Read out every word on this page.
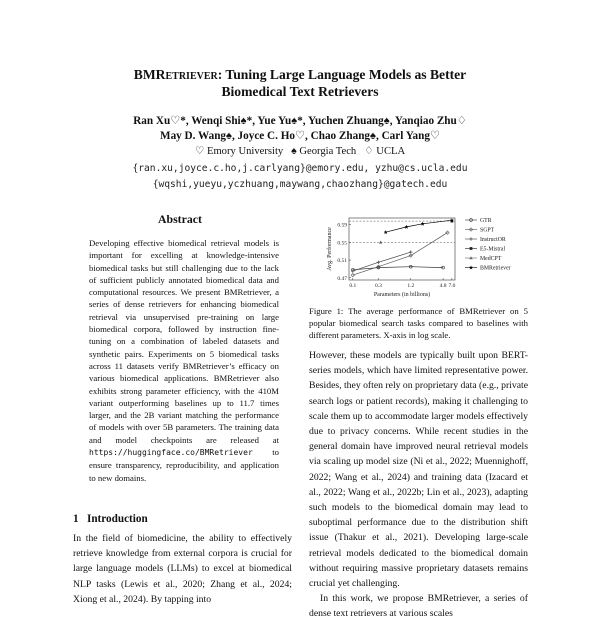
BMRetriever: Tuning Large Language Models as Better
Biomedical Text Retrievers
Ran Xu♡*, Wenqi Shi♠*, Yue Yu♠*, Yuchen Zhuang♠, Yanqiao Zhu♢
May D. Wang♠, Joyce C. Ho♡, Chao Zhang♠, Carl Yang♡
♡ Emory University   ♠ Georgia Tech   ♢ UCLA
{ran.xu,joyce.c.ho,j.carlyang}@emory.edu, yzhu@cs.ucla.edu
{wqshi,yueyu,yczhuang,maywang,chaozhang}@gatech.edu
Abstract

Developing effective biomedical retrieval models is important for excelling at knowledge-intensive biomedical tasks but still challenging due to the lack of sufficient publicly annotated biomedical data and computational resources. We present BMRetriever, a series of dense retrievers for enhancing biomedical retrieval via unsupervised pre-training on large biomedical corpora, followed by instruction fine-tuning on a combination of labeled datasets and synthetic pairs. Experiments on 5 biomedical tasks across 11 datasets verify BMRetriever’s efficacy on various biomedical applications. BMRetriever also exhibits strong parameter efficiency, with the 410M variant outperforming baselines up to 11.7 times larger, and the 2B variant matching the performance of models with over 5B parameters. The training data and model checkpoints are released at https://huggingface.co/BMRetriever to ensure transparency, reproducibility, and application to new domains.

1   Introduction
In the field of biomedicine, the ability to effectively retrieve knowledge from external corpora is crucial for large language models (LLMs) to excel at biomedical NLP tasks (Lewis et al., 2020; Zhang et al., 2024; Xiong et al., 2024). By tapping into
0.47
0.51
0.55
0.59
0.1	0.3	1.2	4.8 7.0
Parameters (in billions)
Avg. Performance
GTR
SGPT
InstructOR
E5-Mistral
MedCPT
BMRetriever
Figure 1: The average performance of BMRetriever on 5 popular biomedical search tasks compared to baselines with different parameters. X-axis in log scale.

However, these models are typically built upon BERT-series models, which have limited representative power. Besides, they often rely on proprietary data (e.g., private search logs or patient records), making it challenging to scale them up to accommodate larger models effectively due to privacy concerns. While recent studies in the general domain have improved neural retrieval models via scaling up model size (Ni et al., 2022; Muennighoff, 2022; Wang et al., 2024) and training data (Izacard et al., 2022; Wang et al., 2022b; Lin et al., 2023), adapting such models to the biomedical domain may lead to suboptimal performance due to the distribution shift issue (Thakur et al., 2021). Developing large-scale retrieval models dedicated to the biomedical domain without requiring massive proprietary datasets remains crucial yet challenging.

In this work, we propose BMRetriever, a series of dense text retrievers at various scales
